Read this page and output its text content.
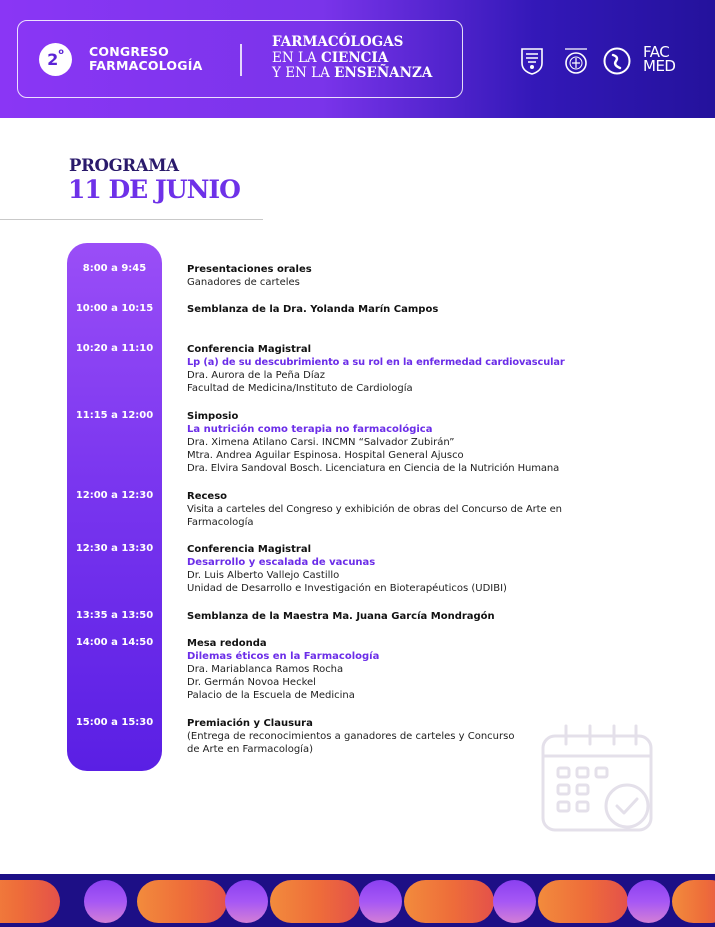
2$^o$	CONGRESO
FARMACOLOGÍA
FARMACÓLOGAS
EN LA CIENCIA
Y EN LA ENSEÑANZA
FAC
MED
PROGRAMA
11 DE JUNIO
8:00 a 9:45
10:00 a 10:15
10:20 a 11:10
11:15 a 12:00
12:00 a 12:30
12:30 a 13:30
13:35 a 13:50
14:00 a 14:50
15:00 a 15:30
Presentaciones orales
Ganadores de carteles
Semblanza de la Dra. Yolanda Marín Campos
Conferencia Magistral
Lp (a) de su descubrimiento a su rol en la enfermedad cardiovascular
Dra. Aurora de la Peña Díaz
Facultad de Medicina/Instituto de Cardiología
Simposio
La nutrición como terapia no farmacológica
Dra. Ximena Atilano Carsi. INCMN “Salvador Zubirán”
Mtra. Andrea Aguilar Espinosa. Hospital General Ajusco
Dra. Elvira Sandoval Bosch. Licenciatura en Ciencia de la Nutrición Humana
Receso
Visita a carteles del Congreso y exhibición de obras del Concurso de Arte en
Farmacología
Conferencia Magistral
Desarrollo y escalada de vacunas
Dr. Luis Alberto Vallejo Castillo
Unidad de Desarrollo e Investigación en Bioterapéuticos (UDIBI)
Semblanza de la Maestra Ma. Juana García Mondragón
Mesa redonda
Dilemas éticos en la Farmacología
Dra. Mariablanca Ramos Rocha
Dr. Germán Novoa Heckel
Palacio de la Escuela de Medicina
Premiación y Clausura
(Entrega de reconocimientos a ganadores de carteles y Concurso
de Arte en Farmacología)
